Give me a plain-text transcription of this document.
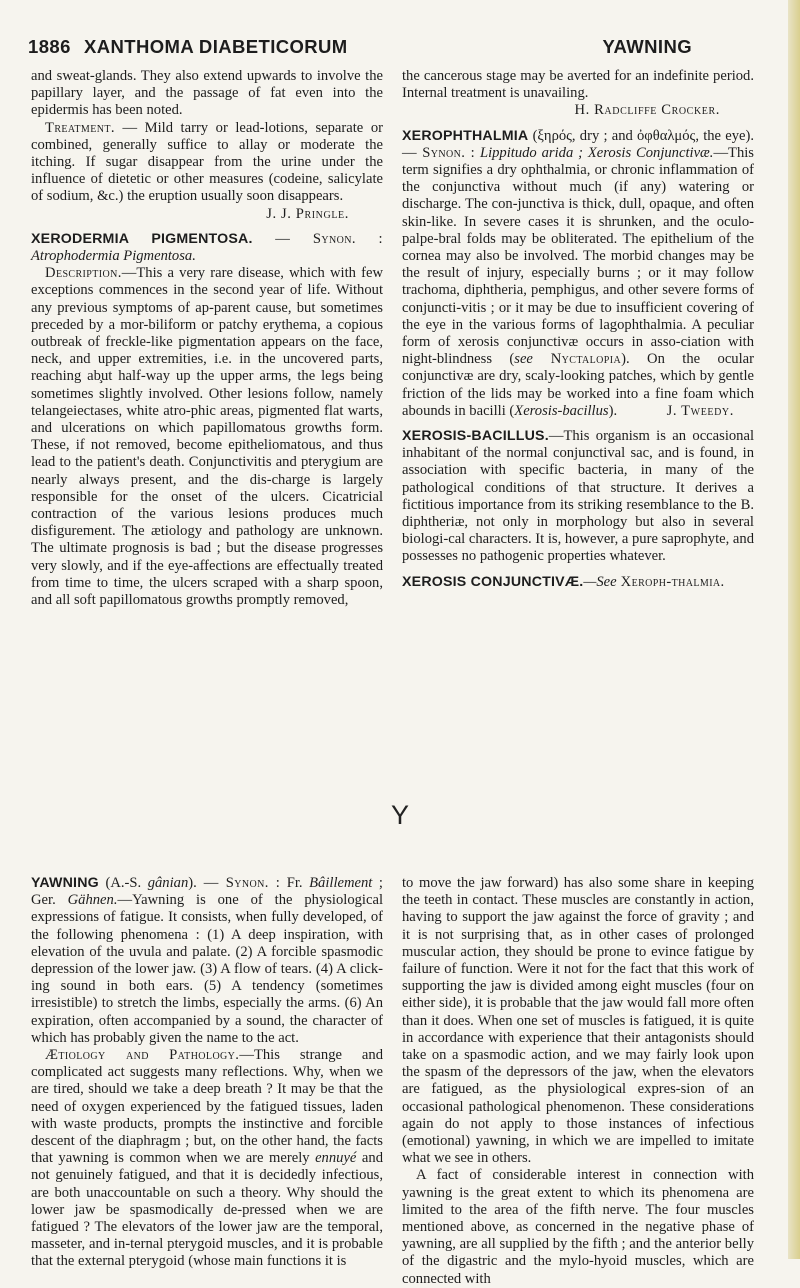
1886 XANTHOMA DIABETICORUM	YAWNING

and sweat-glands. They also extend upwards to involve the papillary layer, and the passage of fat even into the epidermis has been noted.

Treatment. — Mild tarry or lead-lotions, separate or combined, generally suffice to allay or moderate the itching. If sugar disappear from the urine under the influence of dietetic or other measures (codeine, salicylate of sodium, &c.) the eruption usually soon disappears.

J. J. Pringle.

XERODERMIA PIGMENTOSA. — Synon. : Atrophodermia Pigmentosa.

Description.—This a very rare disease, which with few exceptions commences in the second year of life. Without any previous symptoms of ap-parent cause, but sometimes preceded by a mor-biliform or patchy erythema, a copious outbreak of freckle-like pigmentation appears on the face, neck, and upper extremities, i.e. in the uncovered parts, reaching ab̧ut half-way up the upper arms, the legs being sometimes slightly involved. Other lesions follow, namely telangeiectases, white atro-phic areas, pigmented flat warts, and ulcerations on which papillomatous growths form. These, if not removed, become epitheliomatous, and thus lead to the patient's death. Conjunctivitis and pterygium are nearly always present, and the dis-charge is largely responsible for the onset of the ulcers. Cicatricial contraction of the various lesions produces much disfigurement. The ætiology and pathology are unknown. The ultimate prognosis is bad ; but the disease progresses very slowly, and if the eye-affections are effectually treated from time to time, the ulcers scraped with a sharp spoon, and all soft papillomatous growths promptly removed,

the cancerous stage may be averted for an indefinite period. Internal treatment is unavailing.

H. Radcliffe Crocker.

XEROPHTHALMIA (ξηρός, dry ; and ὀφθαλμός, the eye). — Synon. : Lippitudo arida ; Xerosis Conjunctivæ.—This term signifies a dry ophthalmia, or chronic inflammation of the conjunctiva without much (if any) watering or discharge. The con-junctiva is thick, dull, opaque, and often skin-like. In severe cases it is shrunken, and the oculo-palpe-bral folds may be obliterated. The epithelium of the cornea may also be involved. The morbid changes may be the result of injury, especially burns ; or it may follow trachoma, diphtheria, pemphigus, and other severe forms of conjuncti-vitis ; or it may be due to insufficient covering of the eye in the various forms of lagophthalmia. A peculiar form of xerosis conjunctivæ occurs in asso-ciation with night-blindness (see Nyctalopia). On the ocular conjunctivæ are dry, scaly-looking patches, which by gentle friction of the lids may be worked into a fine foam which abounds in bacilli (Xerosis-bacillus).	J. Tweedy.

XEROSIS-BACILLUS.—This organism is an occasional inhabitant of the normal conjunctival sac, and is found, in association with specific bacteria, in many of the pathological conditions of that structure. It derives a fictitious importance from its striking resemblance to the B. diphtheriæ, not only in morphology but also in several biologi-cal characters. It is, however, a pure saprophyte, and possesses no pathogenic properties whatever.

XEROSIS CONJUNCTIVÆ.—See Xeroph-thalmia.

Y

YAWNING (A.-S. gânian). — Synon. : Fr. Bâillement ; Ger. Gähnen.—Yawning is one of the physiological expressions of fatigue. It consists, when fully developed, of the following phenomena : (1) A deep inspiration, with elevation of the uvula and palate. (2) A forcible spasmodic depression of the lower jaw. (3) A flow of tears. (4) A click-ing sound in both ears. (5) A tendency (sometimes irresistible) to stretch the limbs, especially the arms. (6) An expiration, often accompanied by a sound, the character of which has probably given the name to the act.

Ætiology and Pathology.—This strange and complicated act suggests many reflections. Why, when we are tired, should we take a deep breath ? It may be that the need of oxygen experienced by the fatigued tissues, laden with waste products, prompts the instinctive and forcible descent of the diaphragm ; but, on the other hand, the facts that yawning is common when we are merely ennuyé and not genuinely fatigued, and that it is decidedly infectious, are both unaccountable on such a theory. Why should the lower jaw be spasmodically de-pressed when we are fatigued ? The elevators of the lower jaw are the temporal, masseter, and in-ternal pterygoid muscles, and it is probable that the external pterygoid (whose main functions it is

to move the jaw forward) has also some share in keeping the teeth in contact. These muscles are constantly in action, having to support the jaw against the force of gravity ; and it is not surprising that, as in other cases of prolonged muscular action, they should be prone to evince fatigue by failure of function. Were it not for the fact that this work of supporting the jaw is divided among eight muscles (four on either side), it is probable that the jaw would fall more often than it does. When one set of muscles is fatigued, it is quite in accordance with experience that their antagonists should take on a spasmodic action, and we may fairly look upon the spasm of the depressors of the jaw, when the elevators are fatigued, as the physiological expres-sion of an occasional pathological phenomenon. These considerations again do not apply to those instances of infectious (emotional) yawning, in which we are impelled to imitate what we see in others.

A fact of considerable interest in connection with yawning is the great extent to which its phenomena are limited to the area of the fifth nerve. The four muscles mentioned above, as concerned in the negative phase of yawning, are all supplied by the fifth ; and the anterior belly of the digastric and the mylo-hyoid muscles, which are connected with
